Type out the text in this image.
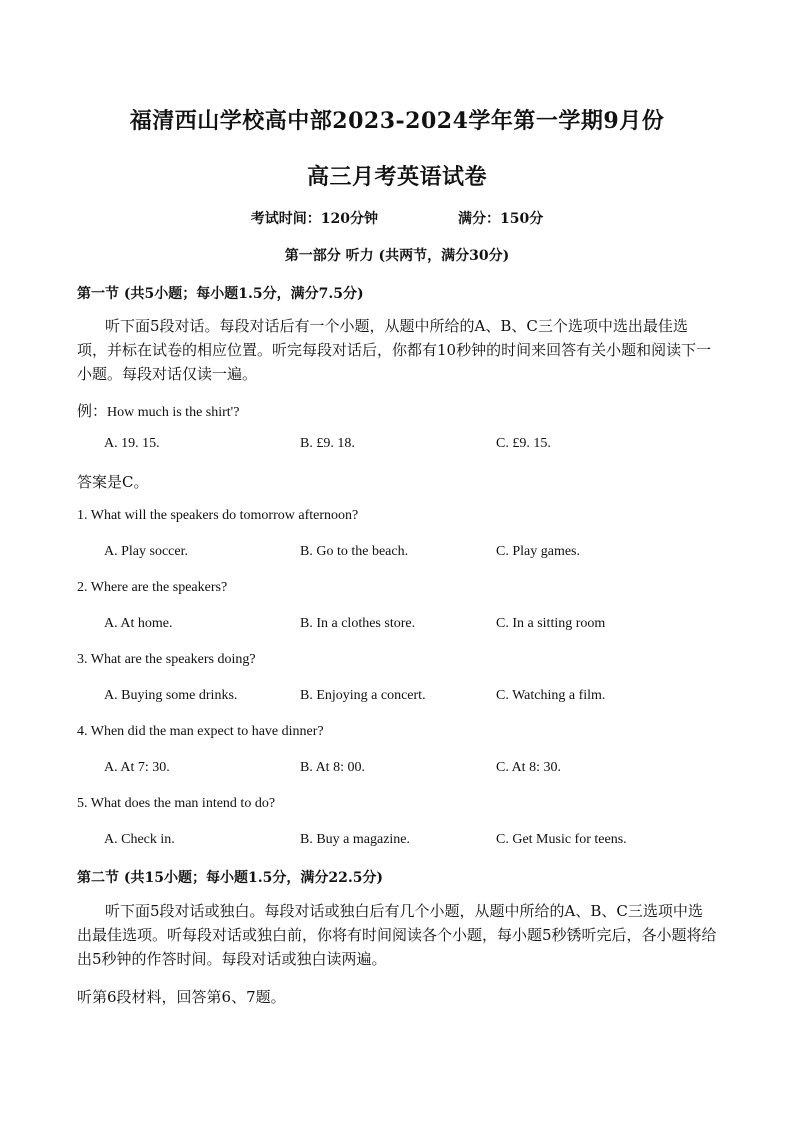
福清西山学校高中部2023-2024学年第一学期9月份
高三月考英语试卷
考试时间：120分钟	满分：150分
第一部分 听力 (共两节，满分30分)
第一节 (共5小题；每小题1.5分，满分7.5分)
听下面5段对话。每段对话后有一个小题，从题中所给的A、B、C三个选项中选出最佳选项，并标在试卷的相应位置。听完每段对话后，你都有10秒钟的时间来回答有关小题和阅读下一小题。每段对话仅读一遍。
例：How much is the shirt'?
A. 19. 15.	B. £9. 18.	C. £9. 15.
答案是C。
1. What will the speakers do tomorrow afternoon?
A. Play soccer.	B. Go to the beach.	C. Play games.
2. Where are the speakers?
A. At home.	B. In a clothes store.	C. In a sitting room
3. What are the speakers doing?
A. Buying some drinks.	B. Enjoying a concert.	C. Watching a film.
4. When did the man expect to have dinner?
A. At 7: 30.	B. At 8: 00.	C. At 8: 30.
5. What does the man intend to do?
A. Check in.	B. Buy a magazine.	C. Get Music for teens.
第二节 (共15小题；每小题1.5分，满分22.5分)
听下面5段对话或独白。每段对话或独白后有几个小题，从题中所给的A、B、C三选项中选出最佳选项。听每段对话或独白前，你将有时间阅读各个小题，每小题5秒锈听完后，各小题将给出5秒钟的作答时间。每段对话或独白读两遍。
听第6段材料，回答第6、7题。
